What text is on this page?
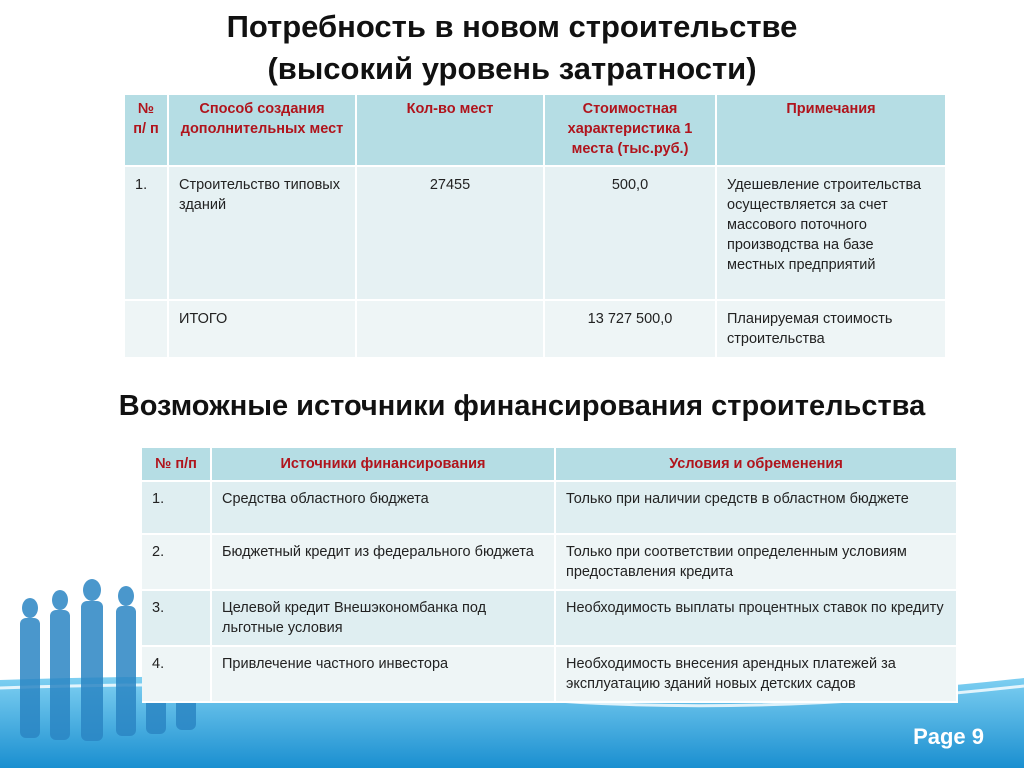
Потребность в новом строительстве
(высокий уровень затратности)
№ п/ п	Способ создания дополнительных мест	Кол-во мест	Стоимостная характеристика 1 места (тыс.руб.)	Примечания
1.	Строительство типовых зданий	27455	500,0	Удешевление строительства осуществляется за счет массового поточного производства на базе местных предприятий
	ИТОГО		13 727 500,0	Планируемая стоимость строительства
Возможные источники финансирования строительства
№ п/п	Источники финансирования	Условия и обременения
1.	Средства областного бюджета	Только при наличии средств в областном бюджете
2.	Бюджетный кредит из федерального бюджета	Только при соответствии определенным условиям предоставления кредита
3.	Целевой кредит Внешэкономбанка под льготные условия	Необходимость выплаты процентных ставок по кредиту
4.	Привлечение частного инвестора	Необходимость внесения арендных платежей за эксплуатацию зданий новых детских садов
Page 9
